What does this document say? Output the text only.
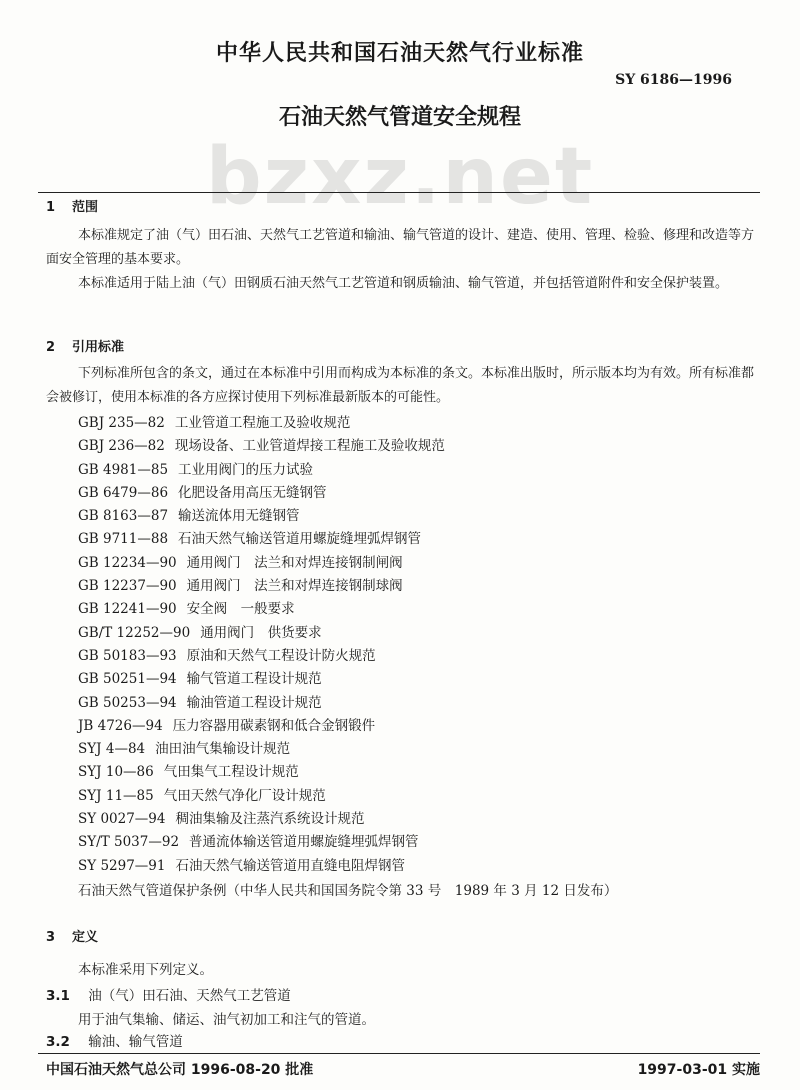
中华人民共和国石油天然气行业标准
SY 6186—1996
石油天然气管道安全规程
bzxz.net
1 范围
本标准规定了油（气）田石油、天然气工艺管道和输油、输气管道的设计、建造、使用、管理、检验、修理和改造等方面安全管理的基本要求。
本标准适用于陆上油（气）田钢质石油天然气工艺管道和钢质输油、输气管道，并包括管道附件和安全保护装置。
2 引用标准
下列标准所包含的条文，通过在本标准中引用而构成为本标准的条文。本标准出版时，所示版本均为有效。所有标准都会被修订，使用本标准的各方应探讨使用下列标准最新版本的可能性。
GBJ 235—82 工业管道工程施工及验收规范
GBJ 236—82 现场设备、工业管道焊接工程施工及验收规范
GB 4981—85 工业用阀门的压力试验
GB 6479—86 化肥设备用高压无缝钢管
GB 8163—87 输送流体用无缝钢管
GB 9711—88 石油天然气输送管道用螺旋缝埋弧焊钢管
GB 12234—90 通用阀门　法兰和对焊连接钢制闸阀
GB 12237—90 通用阀门　法兰和对焊连接钢制球阀
GB 12241—90 安全阀　一般要求
GB/T 12252—90 通用阀门　供货要求
GB 50183—93 原油和天然气工程设计防火规范
GB 50251—94 输气管道工程设计规范
GB 50253—94 输油管道工程设计规范
JB 4726—94 压力容器用碳素钢和低合金钢锻件
SYJ 4—84 油田油气集输设计规范
SYJ 10—86 气田集气工程设计规范
SYJ 11—85 气田天然气净化厂设计规范
SY 0027—94 稠油集输及注蒸汽系统设计规范
SY/T 5037—92 普通流体输送管道用螺旋缝埋弧焊钢管
SY 5297—91 石油天然气输送管道用直缝电阻焊钢管
石油天然气管道保护条例（中华人民共和国国务院令第 33 号　1989 年 3 月 12 日发布）
3 定义
本标准采用下列定义。
3.1 油（气）田石油、天然气工艺管道
用于油气集输、储运、油气初加工和注气的管道。
3.2 输油、输气管道
中国石油天然气总公司 1996-08-20 批准	1997-03-01 实施
